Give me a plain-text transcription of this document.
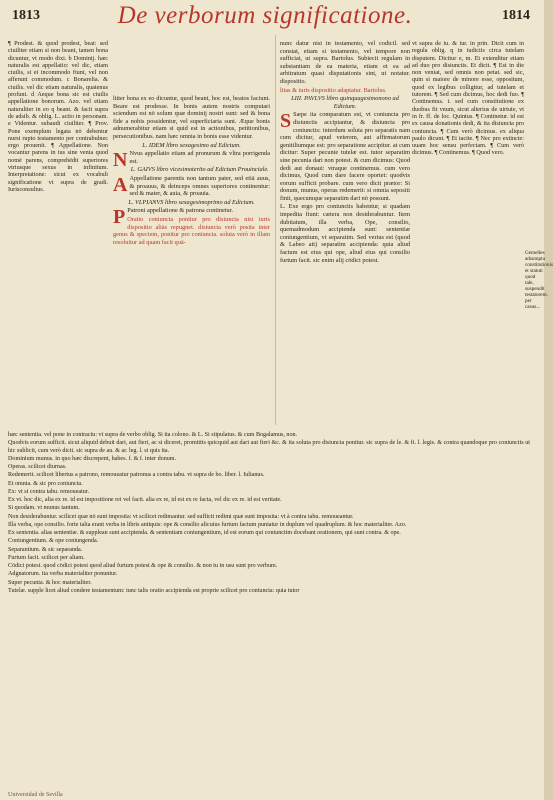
1813	De verborum significatione.	1814

¶ Prodest. & quod prodest, beat: sed ciuiliter etiam si non beant, tamen bona dicuntur, vt modo dixi. b Dominij. hæc naturalis est appellatio: vel dic, etiam ciuilis, si ei incommodo fiunt, vel non afferunt commodum. c Bonarelia. & ciuilis. vel dic etiam naturalis, quatenus profunt. d Aeque bona sic est ciuilis appellatione bonorum. Azo. vel etiam naturaliter in eo q beant. & facit supra de adsib. & oblig. L. actio in personam. e Videntur. subaudi ciuiliter. ¶ Prov. Pone exemplum legata nō debentur nursi rupto testamento per contrabulnec ergo prouenit. ¶ Appellatione. Non vocantur parens in ius sine venia quod nomē parens, comprehēdit superiores vtriusque sexus in infinitum. Interpretatione: sicut ex vocabuli significatione vt supra de gradi. Iurisconsultus.

litter bona ex eo dicuntur, quod beant, hoc est, beatos faciunt. Beare est prodesse. In bonis autem nostris computari sciendum est nō solum quæ dominij nostri sunt: sed & bona fide a nobis possidentur, vel superficiaria sunt. Æque bonis adnumerabitur etiam si quid est in actionibus, petitionibus, persecutionibus. nam hæc omnia in bonis esse videntur.

L. IDEM libro sexagesimo ad Edictum.

N Nvus appellatio etiam ad pronurum & vltra porrigenda est.

L. GAIVS libro vicesimoterito ad Edictum Prouinciale.

A Appellatione parentis non tantum pater, sed etiā auus, & proauus, & deinceps omnes superiores continentur: sed & mater, & auia, & proauia.

L. VLPIANVS libro sexagesimoprimo ad Edictum.

P Patroni appellatione & patrona continetur.

Oratio coniuncta ponitur pro disiuncta nisi iuris dispositio aliās repugnet. disiuncta verò posita inter genus & speciem, ponitur pro coniuncta. soluta verò in illam resoluitur ad quam facit quā-

nunc datur nisi in testamento, vel codicil. sed constat, etiam si testamento, vel tempore non sufficiat, ut supra. Bartolus. Subiecit regulam in substantiam de ea materia, etiam et ea ad arbitratum quasi disputationis sint, ut notatur. dispositio.

litas & iuris dispositio adaptatur. Bartolus.

LIII. PAVLVS libro quinquagesimonono ad Edictum.

S Sæpe ita comparatum est, vt coniuncta pro disiunctis accipiantur, & disiuncta pro coniunctis: interdum soluta pro separatis nam cum dicitur, apud veterem, aut affirmatorum genitiliumque est: pro separatione accipitur. at cum dicitur: Super pecunie tutelæ est. tutor separatim sine pecunia dari non potest. & cum dicimus: Quod dedi aut donaui: vtraque continemus. cum vero dicimus, Quod cum dare facere oportet: quodvis eorum sufficit probare. cum vero dicit prætor: Si donum, munus, operas redemerit: si omnia sepositi finit, quecumque separatim dari nō possunt.

L. Exe ergo pro coniunctis habentur, si quadam impedita fiunt: cætera non desiderabuntur. Item dubitatum, illa verba, Ope, consilio, quemadmodum accipienda sunt: sententiæ coniungentium, vt separatim. Sed verius est (quod & Labeo ait) separatim accipienda: quia aliud factum est eius qui ope, aliud eius qui consilio furtum facit. sic enim alij cōdici potest.

vt supra de iu. & iur. in prin. Dicit cum in regula oblig. q in iudiciis circa tutelam disputem. Dicitur e, m. Et extenditur etiam ad duo pro disiunctis. Et dicit. ¶ Est in die non veniat, sed omnis non petat. sed sic, quin si maiore de minore esse, oppositum, quod ex legibus colligitur, ad tutelam et tutorem. ¶ Sed cum dicimus, hoc dedi fuo. ¶ Continemus. i. sed cum constitutione ex duobus fit vnum, sicut alterius de uirtute, vt in fr. ff. de loc. Quintus. ¶ Continetur. id est ex causa donationis dedi, & ita disiuncta pro coniuncta. ¶ Cum verò dicimus. ex aliqua paulo dicunt. ¶ Et tacite. ¶ Nec pro extincte: uuam hoc sensu perfectam. ¶ Cum verò dicimus. ¶ Continemus. ¶ Quod vero.

Gemelles adsumpta constitutionis et statuti quod tale, suspendit testatorem. per casus...

hæc sententia. vel pone in contractu: vt supra de verbo oblig. Si ita colono. & L. Si stipulatus. & cum Bogalamus, non.

Quodvis eorum sufficit. sicut aliquid debuit dari, aut fieri, ac si diceret, promittis quicquid aut dari aut fieri &c. & ita soluta pro disiuncta ponitur. sic supra de le. & fi. l. legis. & contra quandoque pro coniunctis ut hic sublicit, cum verò dicit. sic supra de au. & ar. leg. l. si quis ita.

Dominium munus. in quo hæc discrepent, habes. f. & f. inter donum.

Operas. scilicet diurnas.

Redemerit. scilicet libertus a patrono, remoueatur patronus a contra tabu. vt supra de bo. liber. l. Iulianus.

Et omnia. & sic pro coniuncta.

Ex: vt si contra tabu. remoueatur.

Ex vt. hoc dic, alia ex re. id est impositione rei vel facti. alia ex re, id est ex re facta, vel dic ex re. id est veritate.

Si quodam. vt munus tantum.

Non desiderabuntur. scilicet quæ nō sunt imposita: vt scilicet redimantur. sed sufficit redimi quæ sunt imposita: vt à contra tabu. remoueantur.

Illa verba, ope consilio. forte talia erant verba in libris antiquis: ope & consilio alicuius furtum factum puniatur in duplum vel quadruplum. & hoc materialiter. Azo.

Ex sententia. alias sententiæ. & supplean sunt accipienda. & sententiam coniungentium, id est eorum qui coniunctim docebant orationem, qui sunt contra. & ope.

Coniungentium. & ope coniungenda.

Separantium. & sic separanda.

Furtum facit. scilicet per aliam.

Cōdici potest. quod cōdici potest quod aliud furtum potest & ope & consilio. & non tu in usu sunt pro verbum.

Adgnatorum. ita verba materialiter ponuntur.

Super pecunia. & hoc materialiter.

Tutelæ. supple licet aliud condere testamentum: tunc talis oratio accipienda est proprie scilicet pro coniuncta: quia tutor

Universidad de Sevilla
